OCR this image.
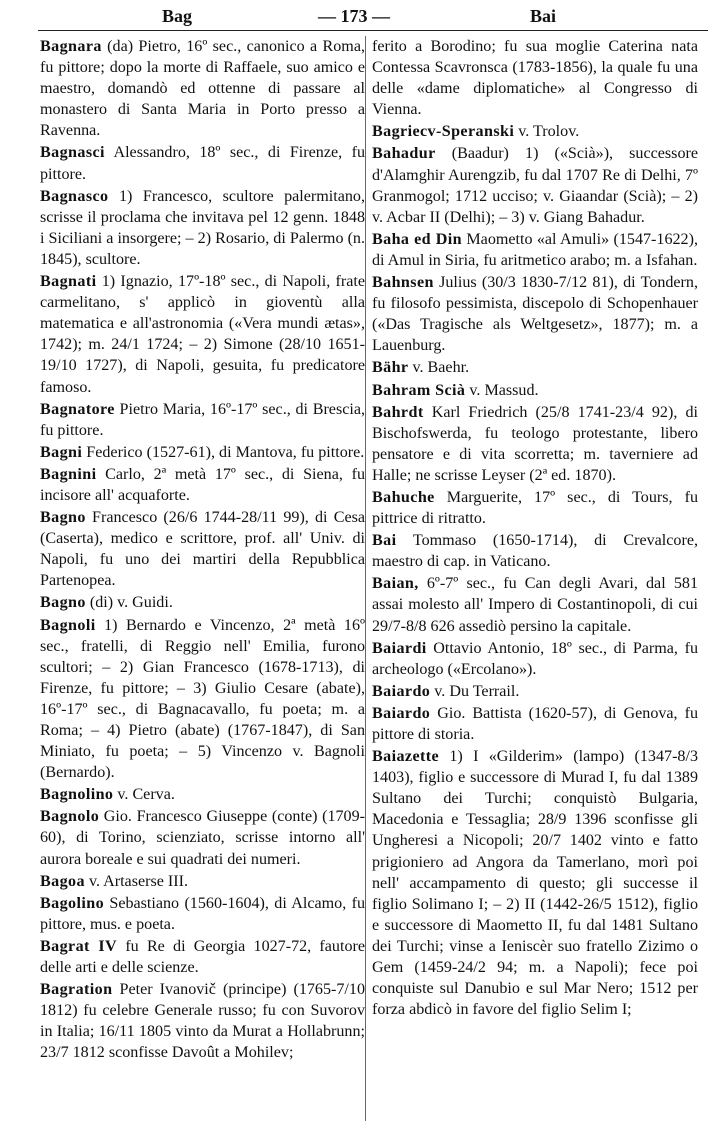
Bag	— 173 —	Bai

Bagnara (da) Pietro, 16º sec., canonico a Roma, fu pittore; dopo la morte di Raffaele, suo amico e maestro, domandò ed ottenne di passare al monastero di Santa Maria in Porto presso a Ravenna.

Bagnasci Alessandro, 18º sec., di Firenze, fu pittore.

Bagnasco 1) Francesco, scultore palermitano, scrisse il proclama che invitava pel 12 genn. 1848 i Siciliani a insorgere; – 2) Rosario, di Palermo (n. 1845), scultore.

Bagnati 1) Ignazio, 17º-18º sec., di Napoli, frate carmelitano, s' applicò in gioventù alla matematica e all'astronomia («Vera mundi ætas», 1742); m. 24/1 1724; – 2) Simone (28/10 1651-19/10 1727), di Napoli, gesuita, fu predicatore famoso.

Bagnatore Pietro Maria, 16º-17º sec., di Brescia, fu pittore.

Bagni Federico (1527-61), di Mantova, fu pittore.

Bagnini Carlo, 2ª metà 17º sec., di Siena, fu incisore all' acquaforte.

Bagno Francesco (26/6 1744-28/11 99), di Cesa (Caserta), medico e scrittore, prof. all' Univ. di Napoli, fu uno dei martiri della Repubblica Partenopea.

Bagno (di) v. Guidi.

Bagnoli 1) Bernardo e Vincenzo, 2ª metà 16º sec., fratelli, di Reggio nell' Emilia, furono scultori; – 2) Gian Francesco (1678-1713), di Firenze, fu pittore; – 3) Giulio Cesare (abate), 16º-17º sec., di Bagnacavallo, fu poeta; m. a Roma; – 4) Pietro (abate) (1767-1847), di San Miniato, fu poeta; – 5) Vincenzo v. Bagnoli (Bernardo).

Bagnolino v. Cerva.

Bagnolo Gio. Francesco Giuseppe (conte) (1709-60), di Torino, scienziato, scrisse intorno all' aurora boreale e sui quadrati dei numeri.

Bagoa v. Artaserse III.

Bagolino Sebastiano (1560-1604), di Alcamo, fu pittore, mus. e poeta.

Bagrat IV fu Re di Georgia 1027-72, fautore delle arti e delle scienze.

Bagration Peter Ivanovič (principe) (1765-7/10 1812) fu celebre Generale russo; fu con Suvorov in Italia; 16/11 1805 vinto da Murat a Hollabrunn; 23/7 1812 sconfisse Davoût a Mohilev;

ferito a Borodino; fu sua moglie Caterina nata Contessa Scavronsca (1783-1856), la quale fu una delle «dame diplomatiche» al Congresso di Vienna.

Bagriecv-Speranski v. Trolov.

Bahadur (Baadur) 1) («Scià»), successore d'Alamghir Aurengzib, fu dal 1707 Re di Delhi, 7º Granmogol; 1712 ucciso; v. Giaandar (Scià); – 2) v. Acbar II (Delhi); – 3) v. Giang Bahadur.

Baha ed Din Maometto «al Amuli» (1547-1622), di Amul in Siria, fu aritmetico arabo; m. a Isfahan.

Bahnsen Julius (30/3 1830-7/12 81), di Tondern, fu filosofo pessimista, discepolo di Schopenhauer («Das Tragische als Weltgesetz», 1877); m. a Lauenburg.

Bähr v. Baehr.

Bahram Scià v. Massud.

Bahrdt Karl Friedrich (25/8 1741-23/4 92), di Bischofswerda, fu teologo protestante, libero pensatore e di vita scorretta; m. taverniere ad Halle; ne scrisse Leyser (2ª ed. 1870).

Bahuche Marguerite, 17º sec., di Tours, fu pittrice di ritratto.

Bai Tommaso (1650-1714), di Crevalcore, maestro di cap. in Vaticano.

Baian, 6º-7º sec., fu Can degli Avari, dal 581 assai molesto all' Impero di Costantinopoli, di cui 29/7-8/8 626 assediò persino la capitale.

Baiardi Ottavio Antonio, 18º sec., di Parma, fu archeologo («Ercolano»).

Baiardo v. Du Terrail.

Baiardo Gio. Battista (1620-57), di Genova, fu pittore di storia.

Baiazette 1) I «Gilderim» (lampo) (1347-8/3 1403), figlio e successore di Murad I, fu dal 1389 Sultano dei Turchi; conquistò Bulgaria, Macedonia e Tessaglia; 28/9 1396 sconfisse gli Ungheresi a Nicopoli; 20/7 1402 vinto e fatto prigioniero ad Angora da Tamerlano, morì poi nell' accampamento di questo; gli successe il figlio Solimano I; – 2) II (1442-26/5 1512), figlio e successore di Maometto II, fu dal 1481 Sultano dei Turchi; vinse a Ieniscèr suo fratello Zizimo o Gem (1459-24/2 94; m. a Napoli); fece poi conquiste sul Danubio e sul Mar Nero; 1512 per forza abdicò in favore del figlio Selim I;
